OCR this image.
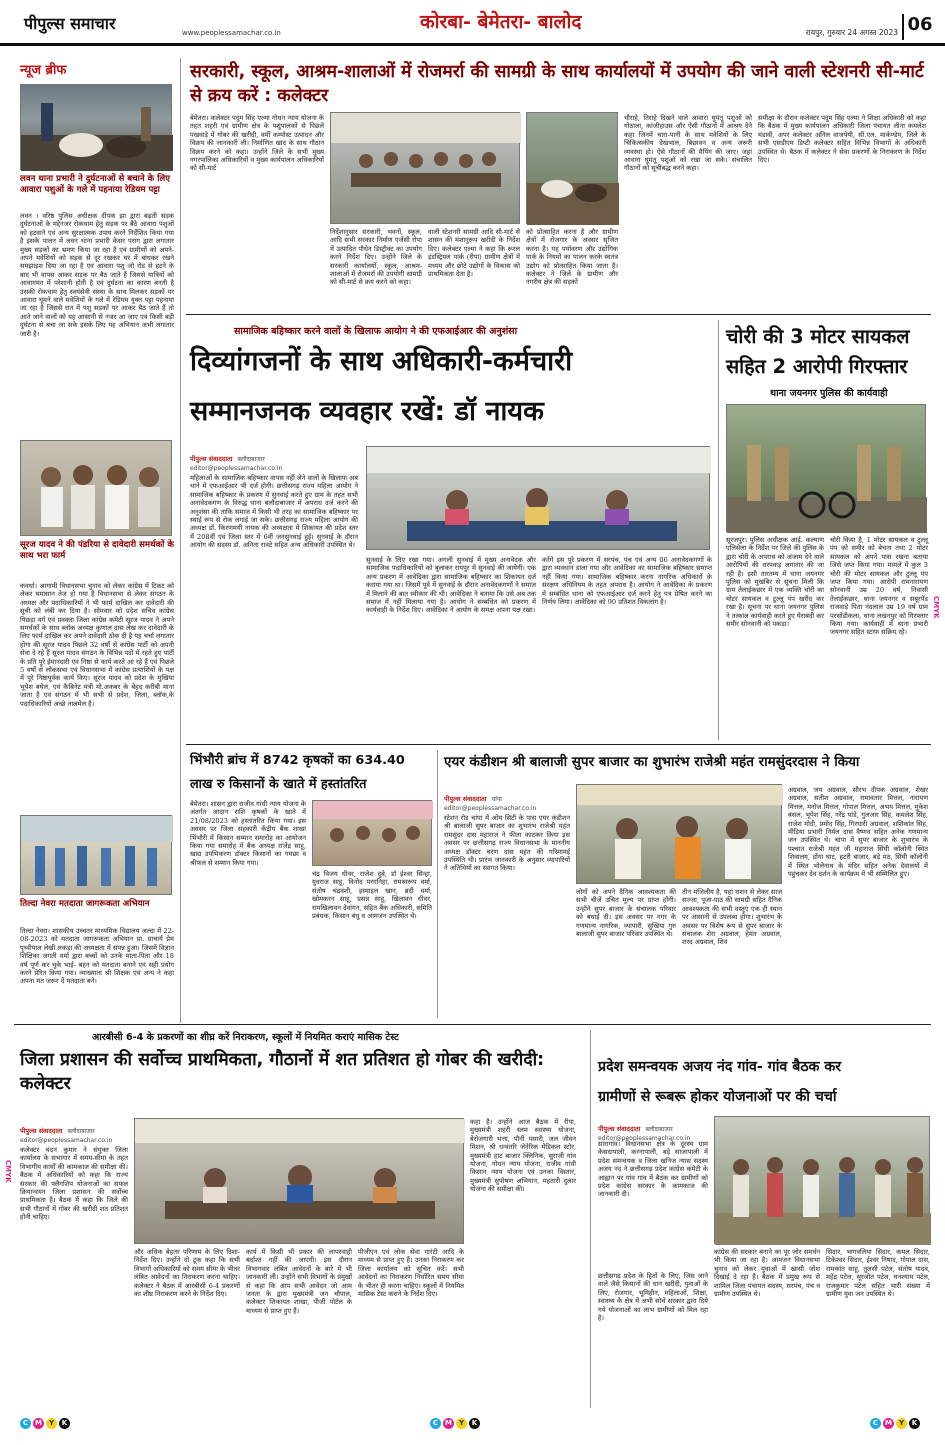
पीपुल्स समाचार	www.peoplessamachar.co.in	कोरबा- बेमेतरा- बालोद	रायपुर, गुरुवार 24 अगस्त 2023 06
न्यूज ब्रीफ
लवन थाना प्रभारी ने दुर्घटनाओं से बचाने के लिए आवारा पशुओं के गले में पहनाया रेडियम पट्टा
लवन । वरिष्ठ पुलिस अधीक्षक दीपक झा द्वारा बढ़ती सड़क दुर्घटनाओं के मद्देनजर रोकथाम हेतु सड़क पर बैठे आवारा पशुओं को हटवाने एवं अन्य सुरक्षात्मक उपाय करने निर्देशित किया गया है इसके पालन में लवन थाना प्रभारी केसर पराग द्वारा लगातार मुख्य सड़कों का भ्रमण किया जा रहा है एवं ग्रामीणों को अपने-अपने मवेशियों को सड़क से दूर रखकर घर में बांधकर रखने समझाइश दिया जा रहा है एवं आवारा पशु जो रोड से हटने के बाद भी वापस आकर सड़क पर बैठ जाते हैं जिससे यात्रियों को आवागमन में परेशानी होती है एवं दुर्घटना का कारण बनती है उसकी रोकथाम हेतु स्वयंसेवी संस्था के साथ मिलकर सड़कों पर आवारा घूमने वाले मवेशियों के गले में रेडियम युक्त पट्टा पहनाया जा रहा है जिससे रात में पशु सड़कों पर आकर बैठ जाते हैं तो आने जाने वालों को यह आसानी से नजर आ जाए एवं किसी बड़ी दुर्घटना से बचा जा सके इसके लिए यह अभियान अभी लगातार जारी है।
सूरज यादव ने की पंडरिया से दावेदारी समर्थकों के साथ भरा फार्म
कवर्धा। आगामी विधानसभा चुनाव को लेकर कांग्रेस में टिकट को लेकर घमासान तेज हो गया है विधानसभा से लेकर संगठन के अध्यक्ष और पदाधिकारियों ने भी फार्म दाखिल कर दावेदारी की सूची को लंबी कर दिया है। सोमवार को प्रदेश सचिव कांग्रेस पिछड़ा वर्ग एवं प्रवक्ता जिला कांग्रेस कमेटी सूरज यादव ने अपने समर्थकों के साथ ब्लॉक अध्यक्ष कुणाल दास लेख कर दावेदारी के लिए फार्म दाखिल कर अपने दावेदारी ठोक दी है यह चर्चा लगातार होगा की सूरज यादव पिछले 32 वर्षों से कांग्रेस पार्टी को अपनी सेवा दे रहे हैं सूरज यादव संगठन के विभिन्न पदों में रहते हुए पार्टी के प्रति पूरे ईमानदारी एवं निष्ठा से कार्य करते आ रहे हैं एवं पिछले 5 वर्षों से लोकसभा एवं विधानसभा में कांग्रेस प्रत्याशियों के पक्ष में पूरे निष्ठापूर्वक कार्य किए। सूरज यादव को प्रदेश के मुखिया भूपेश बघेल, एवं कैबिनेट मंत्री मो.अकबर के बेहद करीबी माना जाता है एवं संगठन में भी सभी से प्रदेश, जिला, ब्लॉक,के पदाधिकारियों अच्छे तालमेल है।
तिल्दा नेवरा मतदाता जागरूकता अभियान
तिल्दा नेवरा। शासकीय उच्चतर माध्यमिक विद्यालय अल्दा में 22-08-2023 को मतदाता जागरूकता अभियान प्रा. प्राचार्य प्रेम पृथ्वीपाल लेखी लकड़ा की अध्यक्षता में संपन्न हुआ। जिसमें विज्ञान शिक्षिका जगती वर्मा द्वारा बच्चों को उनके माता-पिता और 18 वर्ष पूर्ण कर चुके भाई- बहन को मतदाता बनाने एवं सही प्रयोग करने प्रेरित किया गया। व्याख्याता श्री शिक्षक एवं अन्य ने कहा अपना मत जरूर दें मतदाता बने।
सरकारी, स्कूल, आश्रम-शालाओं में रोजमर्रा की सामग्री के साथ कार्यालयों में उपयोग की जाने वाली स्टेशनरी सी-मार्ट से क्रय करें : कलेक्टर
बेमेतरा। कलेक्टर पदुम सिंह एल्मा गोधन न्याय योजना के तहत शहरी एवं ग्रामीण क्षेत्र के पशुपालकों से पिछले पखवाड़े में गोबर की खरीदी, वर्मी कम्पोस्ट उत्पादन और विक्रय की जानकारी ली। निर्माणित खाद के साथ गौठान विक्रय करने को कहा। उन्होंने जिले के सभी मुख्य नगरपालिका अधिकारियों व मुख्य कार्यपालन अधिकारियों को सी-मार्ट
निर्देशानुसार सरकारी, भवनों, स्कूल, आदि सभी सरकार निर्माण एजेंसी रोपा में उत्पादित पौधेन डिस्ट्रीक्ट का उपयोग करने निर्देश दिए। उन्होंने जिले के सरकारी कार्यालयों, स्कूल, आश्रम-शालाओं में रोजमर्रा की उपयोगी सामग्री को सी-मार्ट से क्रय करने को कहा।
वाली स्टेशनरी सामग्री आदि सी-मार्ट से शासन की मंशानुरूप खरीदी के निर्देश दिए। कलेक्टर एल्मा ने कहा कि रूरल इंडस्ट्रियल पार्क (रीपा) ग्रामीण क्षेत्रों में मध्यम और छोटे उद्योगों के विकास को प्राथमिकता देता है।
को प्रोत्साहित करना है और ग्रामीण क्षेत्रों में रोजगार के अवसर सृजित करना है। यह पर्यावरण और उद्योगिक पार्क के नियमों का पालन करके स्वतंत्र उद्योग को प्रोत्साहित किया जाता है। कलेक्टर ने जिले के ग्रामीण और नगरीय क्षेत्र की सड़कों
चौराहे, तिराहे दिखने वाले आवारा घुमंतू पशुओं को गोठाला, कांजीहाउस और ऐसी गौठानों में आश्रय देने कहा जिनमें चारा-पानी के साथ मवेशियों के लिए चिकित्सकीय देखभाल, बिछावन व अन्य जरूरी व्यवस्था हो। ऐसे गौठानों की मैपिंग की जाए। जहां आवारा घुमंतू पशुओं को रखा जा सके। संचालित गौठानों को सूचीबद्ध करने कहा।
समीक्षा के दौरान कलेक्टर पदुम सिंह एल्मा ने शिक्षा अधिकारी को कहा कि बैठक में मुख्य कार्यपालन अधिकारी जिला पंचायत लीना कमलेश मंडावी, अपर कलेक्टर अनिल वाजपेयी, सी.एल. मार्कण्डेय, जिले के सभी एसडीएम डिप्टी कलेक्टर सहित विभिन्न विभागों के अधिकारी उपस्थित थे। बैठक में कलेक्टर ने सेवा प्रकरणों के निराकरण के निर्देश दिए।
सामाजिक बहिष्कार करने वालों के खिलाफ आयोग ने की एफआईआर की अनुशंसा
दिव्यांगजनों के साथ अधिकारी-कर्मचारी
सम्मानजनक व्यवहार रखें: डॉ नायक
पीपुल्स संवाददाता बलौदाबाजार
editor@peoplessamachar.co.in
महिलाओं के सामाजिक बहिष्कार वापस नहीं लेने वालों के खिलाफ अब थाने में एफआईआर भी दर्ज होगी। छत्तीसगढ़ राज्य महिला आयोग ने सामाजिक बहिष्कार के प्रकरण में सुनवाई करते हुए ग्राम के तहत सभी अनावेदकगण के विरुद्ध थाना बलौदाबाजार में अपराध दर्ज करने की अनुशंसा की ताकि समाज में किसी भी तरह का सामाजिक बहिष्कार पर स्थाई रूप से रोक लगाई जा सके। छत्तीसगढ़ राज्य महिला आयोग की अध्यक्ष डॉ. किरणमयी नायक की अध्यक्षता में शिकायत की प्रदेश स्तर में 208वीं एवं जिला स्तर में 6वीं जनसुनवाई हुई। सुनवाई के दौरान आयोग की सदस्य डॉ. अनिता रावटे सहित अन्य अधिकारी उपस्थित थे।
सुनवाई के लिए रखा गया। अगली सुनवाई में मुख्य अनावेदक और सामाजिक पदाधिकारियों को बुलाकर रायपुर में सुनवाई की जायेगी। एक अन्य प्रकरण में आवेदिका द्वारा सामाजिक बहिष्कार का शिकायत दर्ज कराया गया था। जिसमें पूर्व में सुनवाई के दौरान अनावेदकगणों ने समाज में मिलाने की बात स्वीकार की थी। आवेदिका ने बताया कि उसे अब तक समाज में नहीं मिलाया गया है। आयोग ने सम्बंधित को प्रकरण में कार्यवाही के निर्देश दिए। आवेदिका ने आयोग के समक्ष अपना पक्ष रखा।
करेंगे इस पूरे प्रकरण में सरपंच, पंच एवं अन्य 06 अनावेदकगणों के द्वारा व्यवधान डाला गया और आवेदिका का सामाजिक बहिष्कार समाप्त नहीं किया गया। सामाजिक बहिष्कार करना नागरिक अधिकारों के संरक्षण अधिनियम के तहत अपराध है। आयोग ने आवेदिका के प्रकरण में सम्बंधित थाना को एफआईआर दर्ज करने हेतु पत्र प्रेषित करने का निर्णय लिया। आवेदिका को 90 प्रतिशत विकलांग है।
चोरी की 3 मोटर सायकल
सहित 2 आरोपी गिरफ्तार
थाना जयनगर पुलिस की कार्यवाही
सूरजपुर। पुलिस अधीक्षक आई. कल्याण एलिसेला के निर्देश पर जिले की पुलिस के द्वारा चोरी के अपराध को अंजाम देने वाले आरोपियों की धरपकड़ लगातार की जा रही है। इसी तारतम्य में थाना जयनगर पुलिस को मुखबिर से सूचना मिली कि ग्राम तेलाईकछार में एक व्यक्ति चोरी का मोटर सायकल व टुल्लू पंप खरीद कर रखा है। सूचना पर थाना जयनगर पुलिस ने तत्काल कार्यवाही करते हुए घेराबंदी कर समीर सोनवानी को पकड़ा।
चोरी किया है, 1 मोटर सायकल व टुल्लू पंप को समीर को बेचना तथा 2 मोटर सायकल को अपने पास रखना बताया जिसे जप्त किया गया। मामले में कुल 3 चोरी की मोटर सायकल और टुल्लू पंप जप्त किया गया। आरोपी रामनारायण सोनवानी उम्र 20 वर्ष, निवासी तेलाईकछार, थाना जयनगर व सबूरपेंड राजवाड़े पिता नंदलाल उम्र 19 वर्ष ग्राम परसोडीकला, थाना लखनपुर को गिरफ्तार किया गया। कार्यवाही में थाना प्रभारी जयनगर सहित स्टाफ सक्रिय रहे।
भिंभौरी ब्रांच में 8742 कृषकों का 634.40
लाख रु किसानों के खाते में हस्तांतरित
बेमेतरा। शासन द्वारा राजीव गांधी न्याय योजना के अंतर्गत आदान राशि कृषकों के खाते में 21/08/2023 को हस्तांतरित किया गया। इस अवसर पर जिला सहकारी केंद्रीय बैंक शाखा भिंभौरी में किसान सम्मान समारोह का आयोजन किया गया समारोह में बैंक अध्यक्ष राजेंद्र साहू, खाद्य उपभिकरण डॉक्टर किसानों का गमछा व श्रीफल से सम्मान किया गया।
चंद्र विजय धीवर, राजेश दुबे, डॉ ईश्वर सिन्हा, युवराज साहू, विनोद परगनिहा, रामस्वरूप वर्मा, संतोष चंद्रवंशी, इस्माइल खान, ब्रदी वर्मा, खोमकरन साहू, प्रसन्न साहू, खिलावन धीवर, रामखिलावन देवांगन, सहित बैंक अधिकारी, समिति प्रबंधक, किसान बंधु व आमजन उपस्थित थे।
एयर कंडीशन श्री बालाजी सुपर बाजार का शुभारंभ राजेश्री महंत रामसुंदरदास ने किया
पीपुल्स संवाददाता चांपा
editor@peoplessamachar.co.in
स्टेशन रोड चांपा में ओम सिटी के पास एयर कंडीशन श्री बालाजी सुपर बाजार का शुभारंभ राजेश्री महंत रामसुंदर दास महाराज ने फीता काटकर किया इस अवसर पर छत्तीसगढ़ राज्य विधानसभा के माननीय अध्यक्ष डॉक्टर चरण दास महंत की गरिमामई उपस्थिति थी। प्रारंभ जानकारी के अनुसार व्यापारियों ने अतिथियों का स्वागत किया।
लोगों को अपने दैनिक आवश्यकता की सभी चीजें उचित मूल्य पर प्राप्त होंगी। उन्होंने सुपर बाजार के संचालक परिवार को बधाई दी। इस अवसर पर नगर के गणमान्य नागरिक, व्यापारी, सुखिया गुरु बालाजी सुपर बाजार परिवार उपस्थित थे।
तीन मंजिलीय है, यहां राशन से लेकर साज सज्जा, पूजा-पाठ की सामग्री सहित दैनिक आवश्यकता की सभी वस्तुएं एक ही स्थान पर आसानी से उपलब्ध होगा। शुभारंभ के अवसर पर विशेष रूप से सुपर बाजार के संचालक शेरा अग्रवाल, हेमंत अग्रवाल, शरद अग्रवाल, शिव
अग्रवाल, जय अग्रवाल, सौरभ दीपक अग्रवाल, शेखर अग्रवाल, सतीश अग्रवाल, रामावतार मित्तल, नारायण मित्तल, मनोज मित्तल, गोपाल मित्तल, अभय मित्तल, मुकेश बंसल, भूपेश सिंह, नरेंद्र पांडे, गुलजार सिंह, कमलेश सिंह, राजेश मोदी, प्रमोद सिंह, गिरधारी अग्रवाल, शशिकांत सिंह, मीडिया प्रभारी निर्मल दास वैष्णव सहित अनेक गणमान्य जन उपस्थित थे। चांपा में सुपर बाजार के शुभारंभ के पश्चात राजेश्री महंत जी महाराज सिंघी कॉलोनी स्थित शिवालय, डोंगा घाट, हटरी बाजार, बड़े मठ, सिंघी कॉलोनी में स्थित भोलेनाथ के मंदिर सहित अनेक देवालयों में पहुंचकर देव दर्शन के कार्यक्रम में भी सम्मिलित हुए।
आरबीसी 6-4 के प्रकरणों का शीघ्र करें निराकरण, स्कूलों में नियमित कराएं मासिक टेस्ट
जिला प्रशासन की सर्वोच्च प्राथमिकता, गौठानों में शत प्रतिशत हो गोबर की खरीदी: कलेक्टर
पीपुल्स संवाददाता बलौदाबाजार
editor@peoplessamachar.co.in
कलेक्टर चंदन कुमार ने संयुक्त जिला कार्यालय के सभागार में समय-सीमा के तहत विभागीय कार्यों की कामकाज की समीक्षा की। बैठक में अधिकारियों को कहा कि राज्य सरकार की फ्लैगशिप योजनाओं का सफल क्रियान्वयन जिला प्रशासन की सर्वोच्च प्राथमिकता है। बैठक में कहा कि जिले की सभी गौठानों में गोबर की खरीदी शत प्रतिशत होनी चाहिए।
और अधिक बेहतर परिणाम के लिए दिशा-निर्देश दिए। उन्होंने दो टूक कहा कि सभी विभागों अधिकारियों को समय सीमा के भीतर लंबित आवेदनों का निराकरण करना चाहिए। कलेक्टर ने बैठक में आरबीसी 6-4 प्रकरणों का शीघ्र निराकरण करने के निर्देश दिए।
कार्य में किसी भी प्रकार की लापरवाही बर्दाश्त नहीं की जाएगी। इस दौरान विभागवार लंबित आवेदनों के बारे में भी जानकारी ली। उन्होंने सभी विभागों के प्रमुखों से कहा कि आप सभी आवेदन जो आम जनता के द्वारा मुख्यमंत्री जन चौपाल, कलेक्टर शिकायत शाखा, पीजी पोर्टल के माध्यम से प्राप्त हुए हैं।
पीजीएन एवं लोक सेवा गारंटी आदि के माध्यम से प्राप्त हुए हैं। उनका निराकरण कर जिला कार्यालय को सूचित करें। सभी आवेदनों का निराकरण निर्धारित समय सीमा के भीतर ही करना चाहिए। स्कूलों में नियमित मासिक टेस्ट कराने के निर्देश दिए।
कहा है। उन्होंने आज बैठक में रीपा, मुख्यमंत्री शहरी स्लम स्वास्थ्य योजना, बेरोजगारी भत्ता, पौनी पसारी, जल जीवन मिशन, श्री धन्वंतरि जेनेरिक मेडिकल स्टोर, मुख्यमंत्री हाट बाजार क्लिनिक, सुराजी गांव योजना, गोधन न्याय योजना, राजीव गांधी किसान न्याय योजना एवं उनका विस्तार, मुख्यमंत्री सुपोषण अभियान, महतारी दुलार योजना की समीक्षा की।
प्रदेश समन्वयक अजय नंद गांव- गांव बैठक कर
ग्रामीणों से रूबरू होकर योजनाओं पर की चर्चा
पीपुल्स संवाददाता बलौदाबाजार
editor@peoplessamachar.co.in
सारागांव। विधानसभा क्षेत्र के दूरस्थ ग्राम केसदापाली, करनापाली, बड़े साजापाली में प्रदेश समन्वयक व जिला खनिज न्यास सदस्य अजय नंद ने छत्तीसगढ़ प्रदेश कांग्रेस कमेटी के आह्वान पर गांव गांव में बैठक कर ग्रामीणों को प्रदेश कांग्रेस सरकार के कामकाज की जानकारी दी।
छत्तीसगढ़ प्रदेश के हितों के लिए, जिस जाने वाले जैसे किसानों की धान खरीदी, युवाओं के लिए, रोजगार, भूमिहीन, महिलाओं, शिक्षा, स्वास्थ्य के क्षेत्र में अभी सोचें सरकार द्वारा दिये गये योजनाओं का लाभ ग्रामीणों को मिल रहा है।
कांग्रेस की सरकार बनाने का पूर जोर समर्थन भी किया जा रहा है। आमजन विधानसभा चुनाव को लेकर युवाओं में खासी जोश दिखाई दे रहा है। बैठक में प्रमुख रूप से शामिल जिला पंचायत सदस्य, सरपंच, पंच व ग्रामीण उपस्थित थे।
सिदार, भागवलिया सिदार, कमल सिदार, टिकेश्वर सिदार, ईश्वर निषाद, गोपाल दास, रामकांत साहू, तुलसी पटेल, संतोष यादव, महेंद्र पटेल, सूरजोत पटेल, घनश्याम पटेल, राजकुमार पटेल सहित भारी संख्या में ग्रामीण युवा जन उपस्थित थे।
C M Y	K	C M Y	K	C M Y	K
CMYK
CMYK
